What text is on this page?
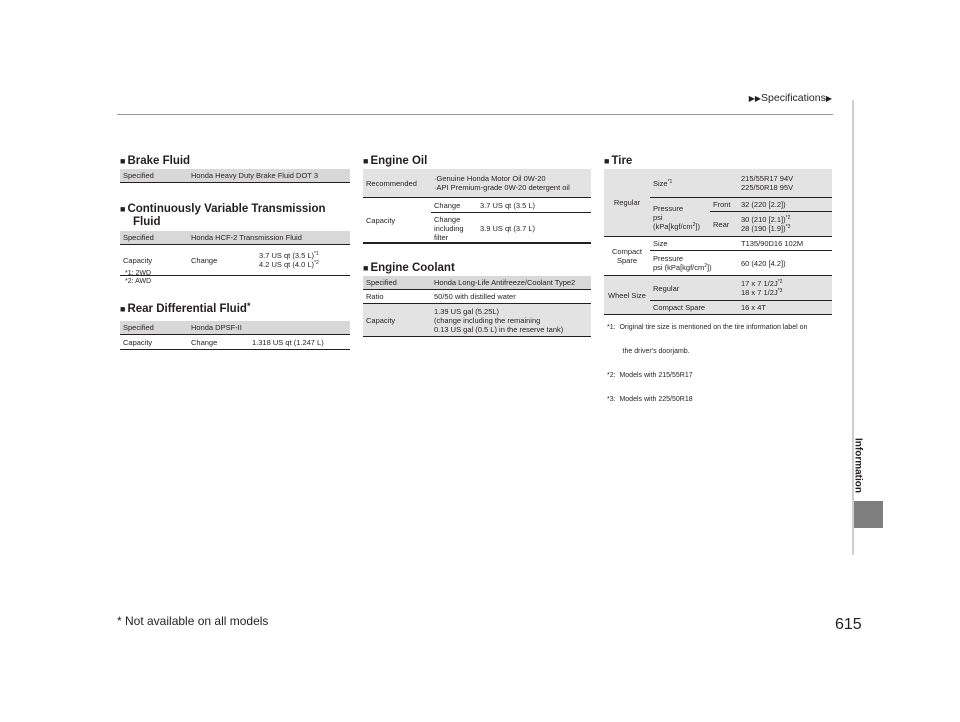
▶▶Specifications▶
Information
■ Brake Fluid
Specified	Honda Heavy Duty Brake Fluid DOT 3
■ Continuously Variable Transmission
Fluid
Specified	Honda HCF-2 Transmission Fluid	
Capacity	Change	3.7 US qt (3.5 L)$^{*1}$
4.2 US qt (4.0 L)$^{*2}$
*1: 2WD
*2: AWD
■ Rear Differential Fluid*
Specified	Honda DPSF-II	
Capacity	Change	1.318 US qt (1.247 L)
■ Engine Oil
Recommended	·Genuine Honda Motor Oil 0W-20
·API Premium-grade 0W-20 detergent oil	
Capacity	Change	3.7 US qt (3.5 L)
	Change
including
filter	3.9 US qt (3.7 L)
■ Engine Coolant
Specified	Honda Long-Life Antifreeze/Coolant Type2
Ratio	50/50 with distilled water
Capacity	1.39 US gal (5.25L)
(change including the remaining
0.13 US gal (0.5 L) in the reserve tank)
■ Tire
Regular	Size$^{*1}$		215/55R17 94V
225/50R18 95V
	Pressure
psi $(kPa[kgf/cm^2])$	Front	32 (220 [2.2])
		Rear	30 (210 [2.1])$^{*2}$
28 (190 [1.9])$^{*3}$
Compact
Spare	Size		T135/90D16 102M
	Pressure
psi $(kPa[kgf/cm^2])$		60 (420 [4.2])
Wheel Size	Regular		17 x 7 $1/2J^{*2}$
18 x 7 $1/2J^{*3}$
	Compact Spare		16 x 4T

*1:  Original tire size is mentioned on the tire information label on

the driver's doorjamb.

*2:  Models with 215/55R17

*3:  Models with 225/50R18

* Not available on all models	615
